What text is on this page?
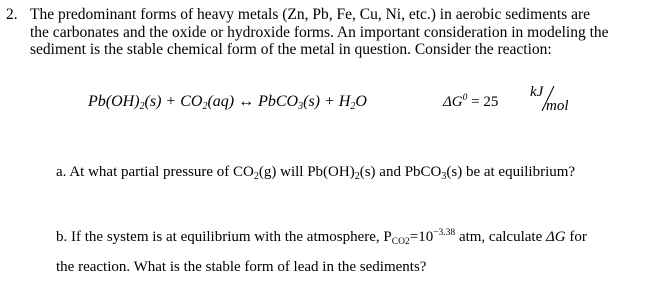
2. The predominant forms of heavy metals (Zn, Pb, Fe, Cu, Ni, etc.) in aerobic sediments are
the carbonates and the oxide or hydroxide forms. An important consideration in modeling the
sediment is the stable chemical form of the metal in question. Consider the reaction:
$Pb(OH)_2(s) + CO_2(aq)$ ↔ PbCO$_3$(s) + $H_2O$	$\Delta G^0 = 25$
kJ
mol
a. At what partial pressure of $CO_2(g)$ will $Pb(OH)_2(s)$ and PbCO$_3$(s) be at equilibrium?
b. If the system is at equilibrium with the atmosphere, $P_{CO2}=10^{-3.38}$ atm, calculate ΔG for
the reaction. What is the stable form of lead in the sediments?
